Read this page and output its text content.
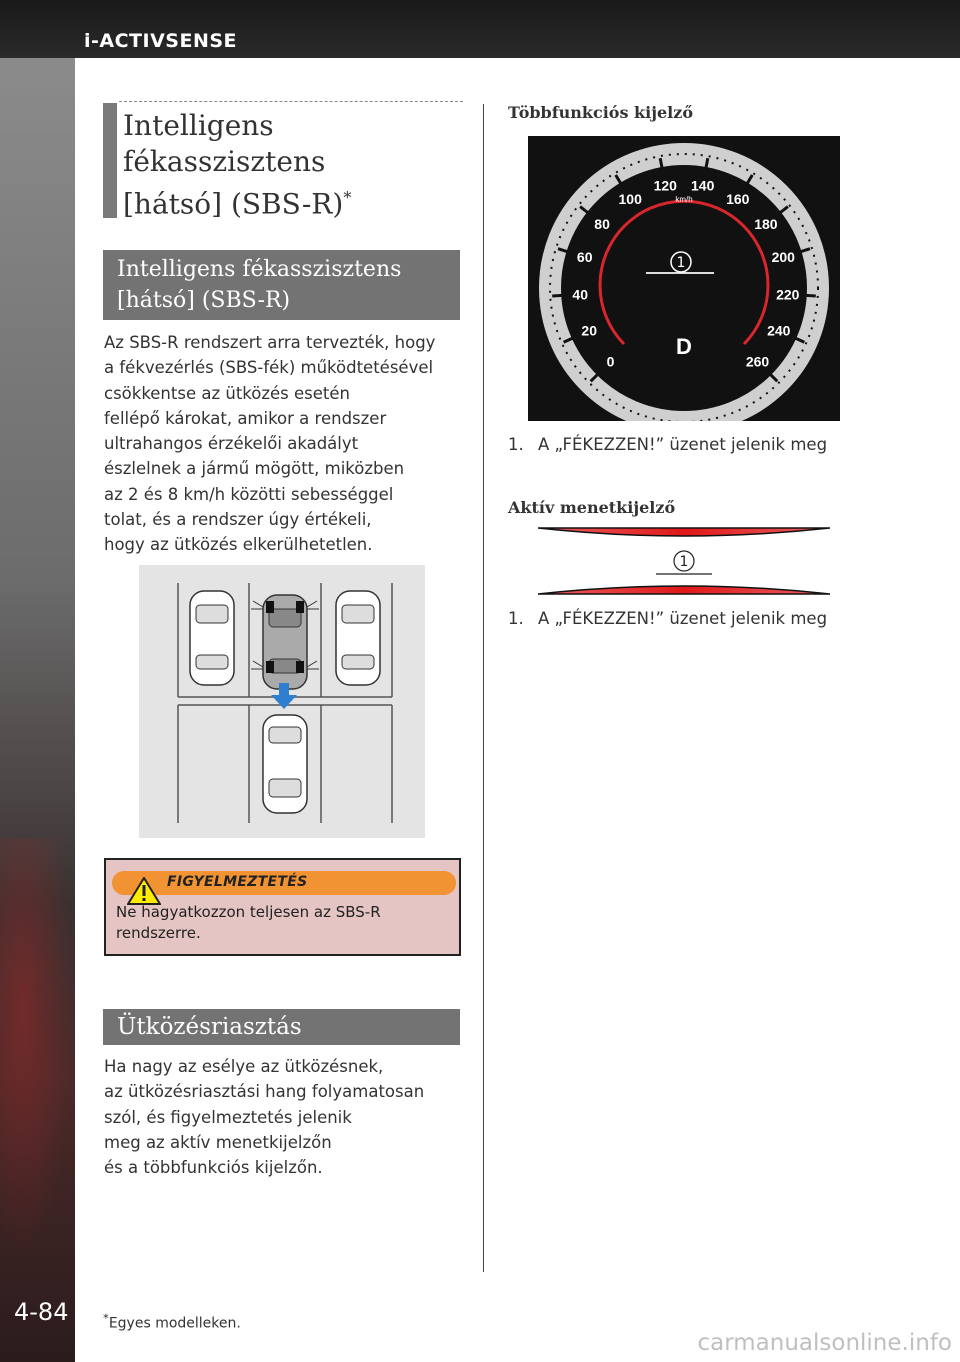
i-ACTIVSENSE
4-84
Intelligens
fékasszisztens
[hátsó] (SBS-R)*
Intelligens fékasszisztens
[hátsó] (SBS-R)
Az SBS-R rendszert arra tervezték, hogy
a fékvezérlés (SBS-fék) működtetésével
csökkentse az ütközés esetén
fellépő károkat, amikor a rendszer
ultrahangos érzékelői akadályt
észlelnek a jármű mögött, miközben
az 2 és 8 km/h közötti sebességgel
tolat, és a rendszer úgy értékeli,
hogy az ütközés elkerülhetetlen.
FIGYELMEZTETÉS
Ne hagyatkozzon teljesen az SBS-R
rendszerre.
Ütközésriasztás
Ha nagy az esélye az ütközésnek,
az ütközésriasztási hang folyamatosan
szól, és figyelmeztetés jelenik
meg az aktív menetkijelzőn
és a többfunkciós kijelzőn.
Többfunkciós kijelző
1
D
km/h
0
20
40
60
80
100
120 140
160
180
200
220
240
260
1. A „FÉKEZZEN!” üzenet jelenik meg
Aktív menetkijelző
1
1. A „FÉKEZZEN!” üzenet jelenik meg
*Egyes modelleken.
carmanualsonline.info
